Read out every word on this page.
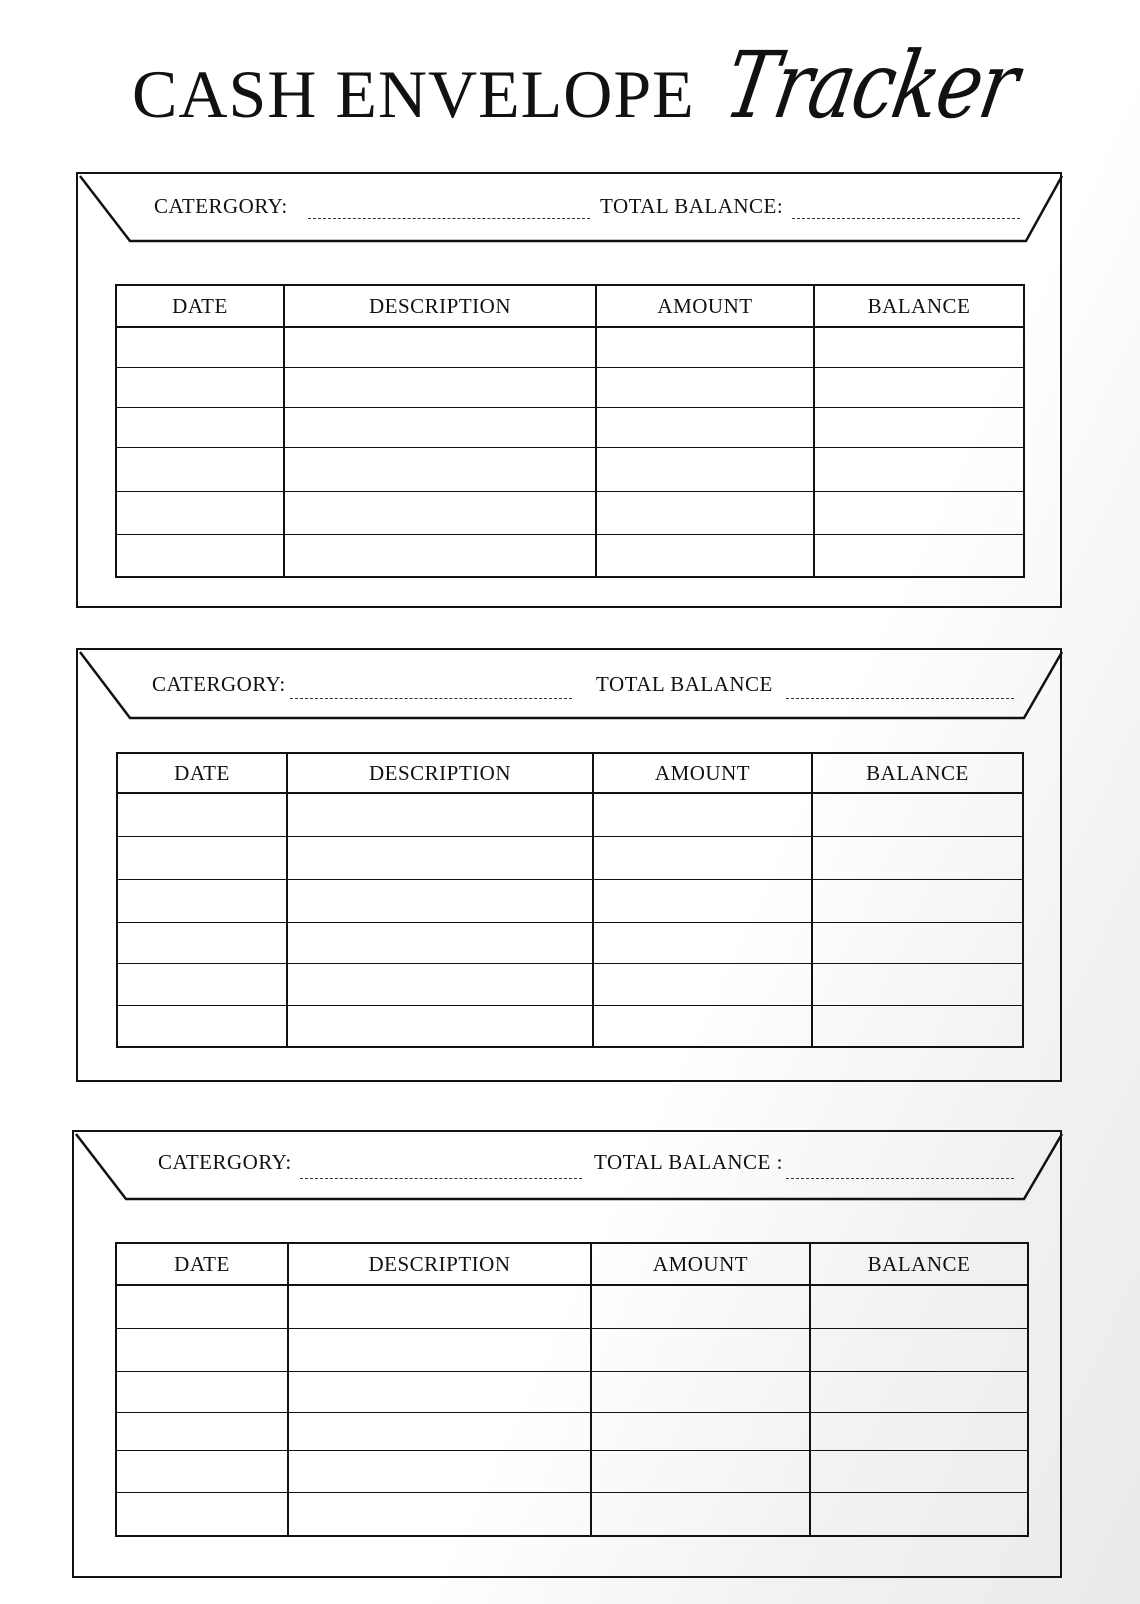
CASH ENVELOPE Tracker
CATERGORY:	TOTAL BALANCE:
DATE	DESCRIPTION	AMOUNT	BALANCE

CATERGORY:	TOTAL BALANCE
DATE	DESCRIPTION	AMOUNT	BALANCE

CATERGORY:	TOTAL BALANCE :
DATE	DESCRIPTION	AMOUNT	BALANCE
